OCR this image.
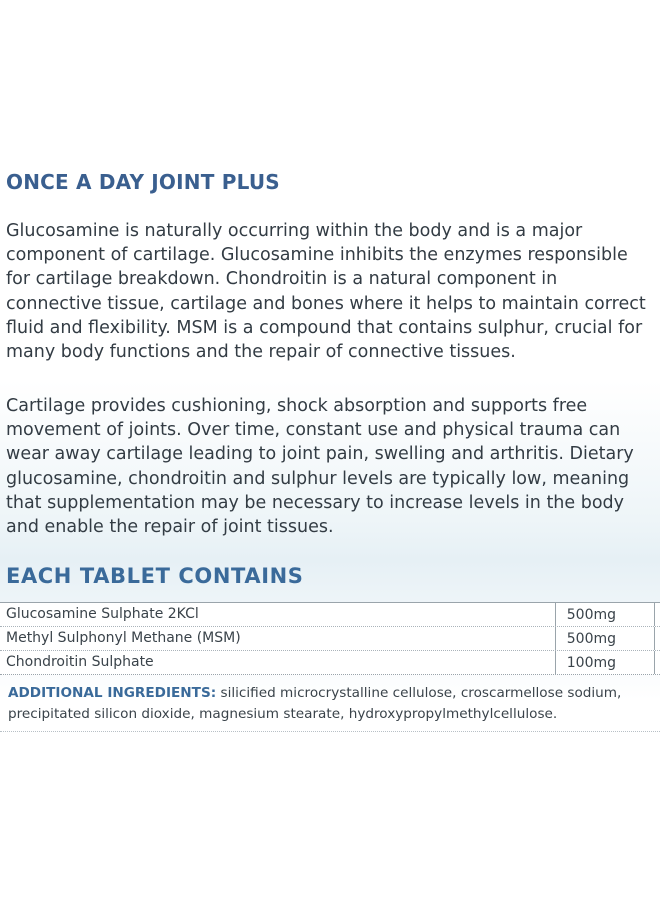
ONCE A DAY JOINT PLUS
Glucosamine is naturally occurring within the body and is a major component of cartilage. Glucosamine inhibits the enzymes responsible for cartilage breakdown. Chondroitin is a natural component in connective tissue, cartilage and bones where it helps to maintain correct fluid and flexibility. MSM is a compound that contains sulphur, crucial for many body functions and the repair of connective tissues.
Cartilage provides cushioning, shock absorption and supports free movement of joints. Over time, constant use and physical trauma can wear away cartilage leading to joint pain, swelling and arthritis. Dietary glucosamine, chondroitin and sulphur levels are typically low, meaning that supplementation may be necessary to increase levels in the body and enable the repair of joint tissues.
EACH TABLET CONTAINS
Glucosamine Sulphate 2KCl	500mg
Methyl Sulphonyl Methane (MSM)	500mg
Chondroitin Sulphate	100mg
ADDITIONAL INGREDIENTS: silicified microcrystalline cellulose, croscarmellose sodium, precipitated silicon dioxide, magnesium stearate, hydroxypropylmethylcellulose.
